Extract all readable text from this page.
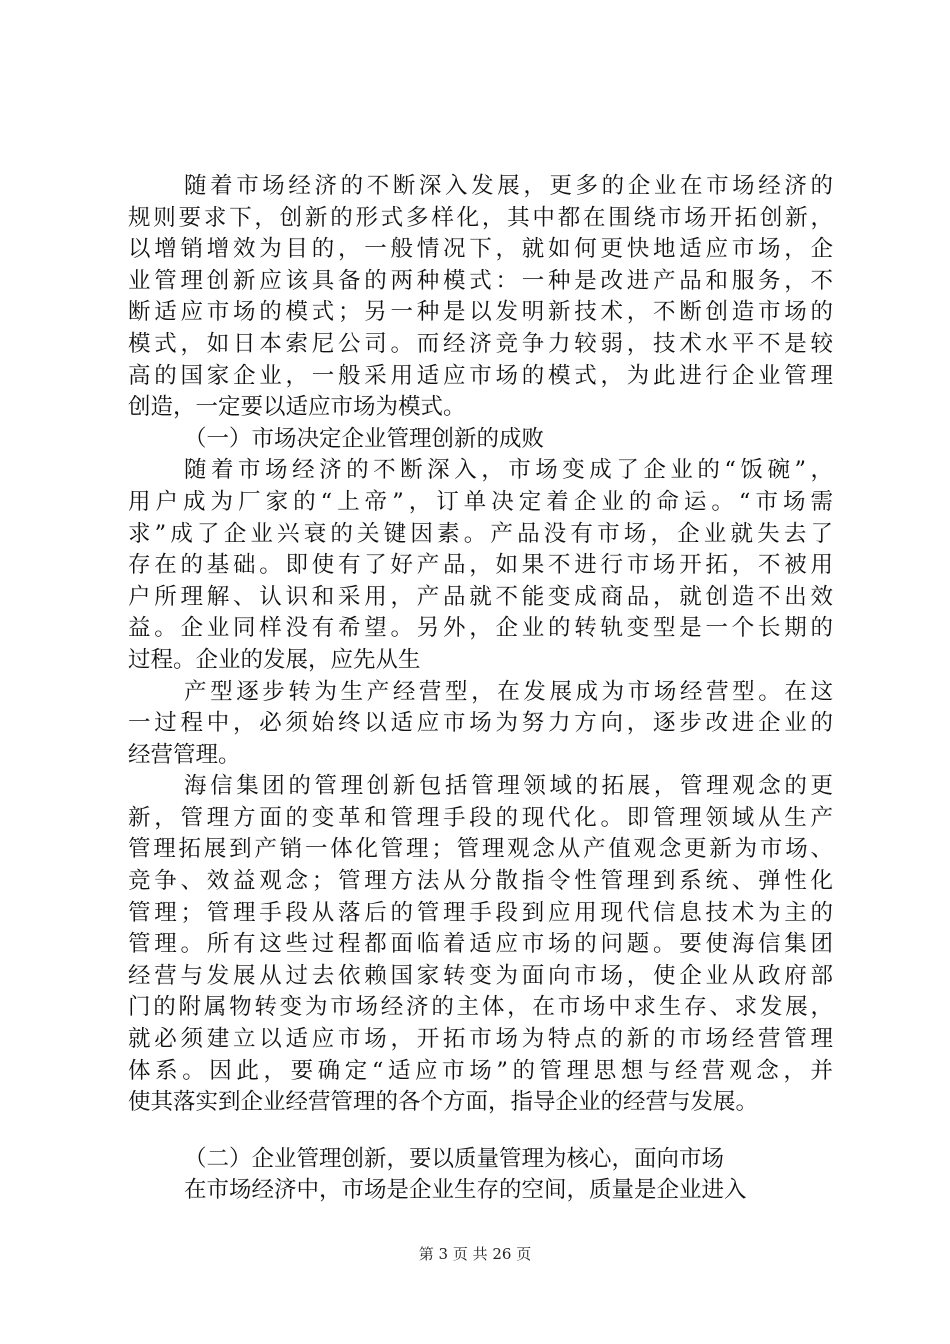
随着市场经济的不断深入发展，更多的企业在市场经济的
规则要求下，创新的形式多样化，其中都在围绕市场开拓创新，
以增销增效为目的，一般情况下，就如何更快地适应市场，企
业管理创新应该具备的两种模式：一种是改进产品和服务，不
断适应市场的模式；另一种是以发明新技术，不断创造市场的
模式，如日本索尼公司。而经济竞争力较弱，技术水平不是较
高的国家企业，一般采用适应市场的模式，为此进行企业管理
创造，一定要以适应市场为模式。
（一）市场决定企业管理创新的成败
随着市场经济的不断深入，市场变成了企业的“饭碗”，
用户成为厂家的“上帝”，订单决定着企业的命运。“市场需
求”成了企业兴衰的关键因素。产品没有市场，企业就失去了
存在的基础。即使有了好产品，如果不进行市场开拓，不被用
户所理解、认识和采用，产品就不能变成商品，就创造不出效
益。企业同样没有希望。另外，企业的转轨变型是一个长期的
过程。企业的发展，应先从生
产型逐步转为生产经营型，在发展成为市场经营型。在这
一过程中，必须始终以适应市场为努力方向，逐步改进企业的
经营管理。
海信集团的管理创新包括管理领域的拓展，管理观念的更
新，管理方面的变革和管理手段的现代化。即管理领域从生产
管理拓展到产销一体化管理；管理观念从产值观念更新为市场、
竞争、效益观念；管理方法从分散指令性管理到系统、弹性化
管理；管理手段从落后的管理手段到应用现代信息技术为主的
管理。所有这些过程都面临着适应市场的问题。要使海信集团
经营与发展从过去依赖国家转变为面向市场，使企业从政府部
门的附属物转变为市场经济的主体，在市场中求生存、求发展，
就必须建立以适应市场，开拓市场为特点的新的市场经营管理
体系。因此，要确定“适应市场”的管理思想与经营观念，并
使其落实到企业经营管理的各个方面，指导企业的经营与发展。
（二）企业管理创新，要以质量管理为核心，面向市场
在市场经济中，市场是企业生存的空间，质量是企业进入
第 3 页 共 26 页
